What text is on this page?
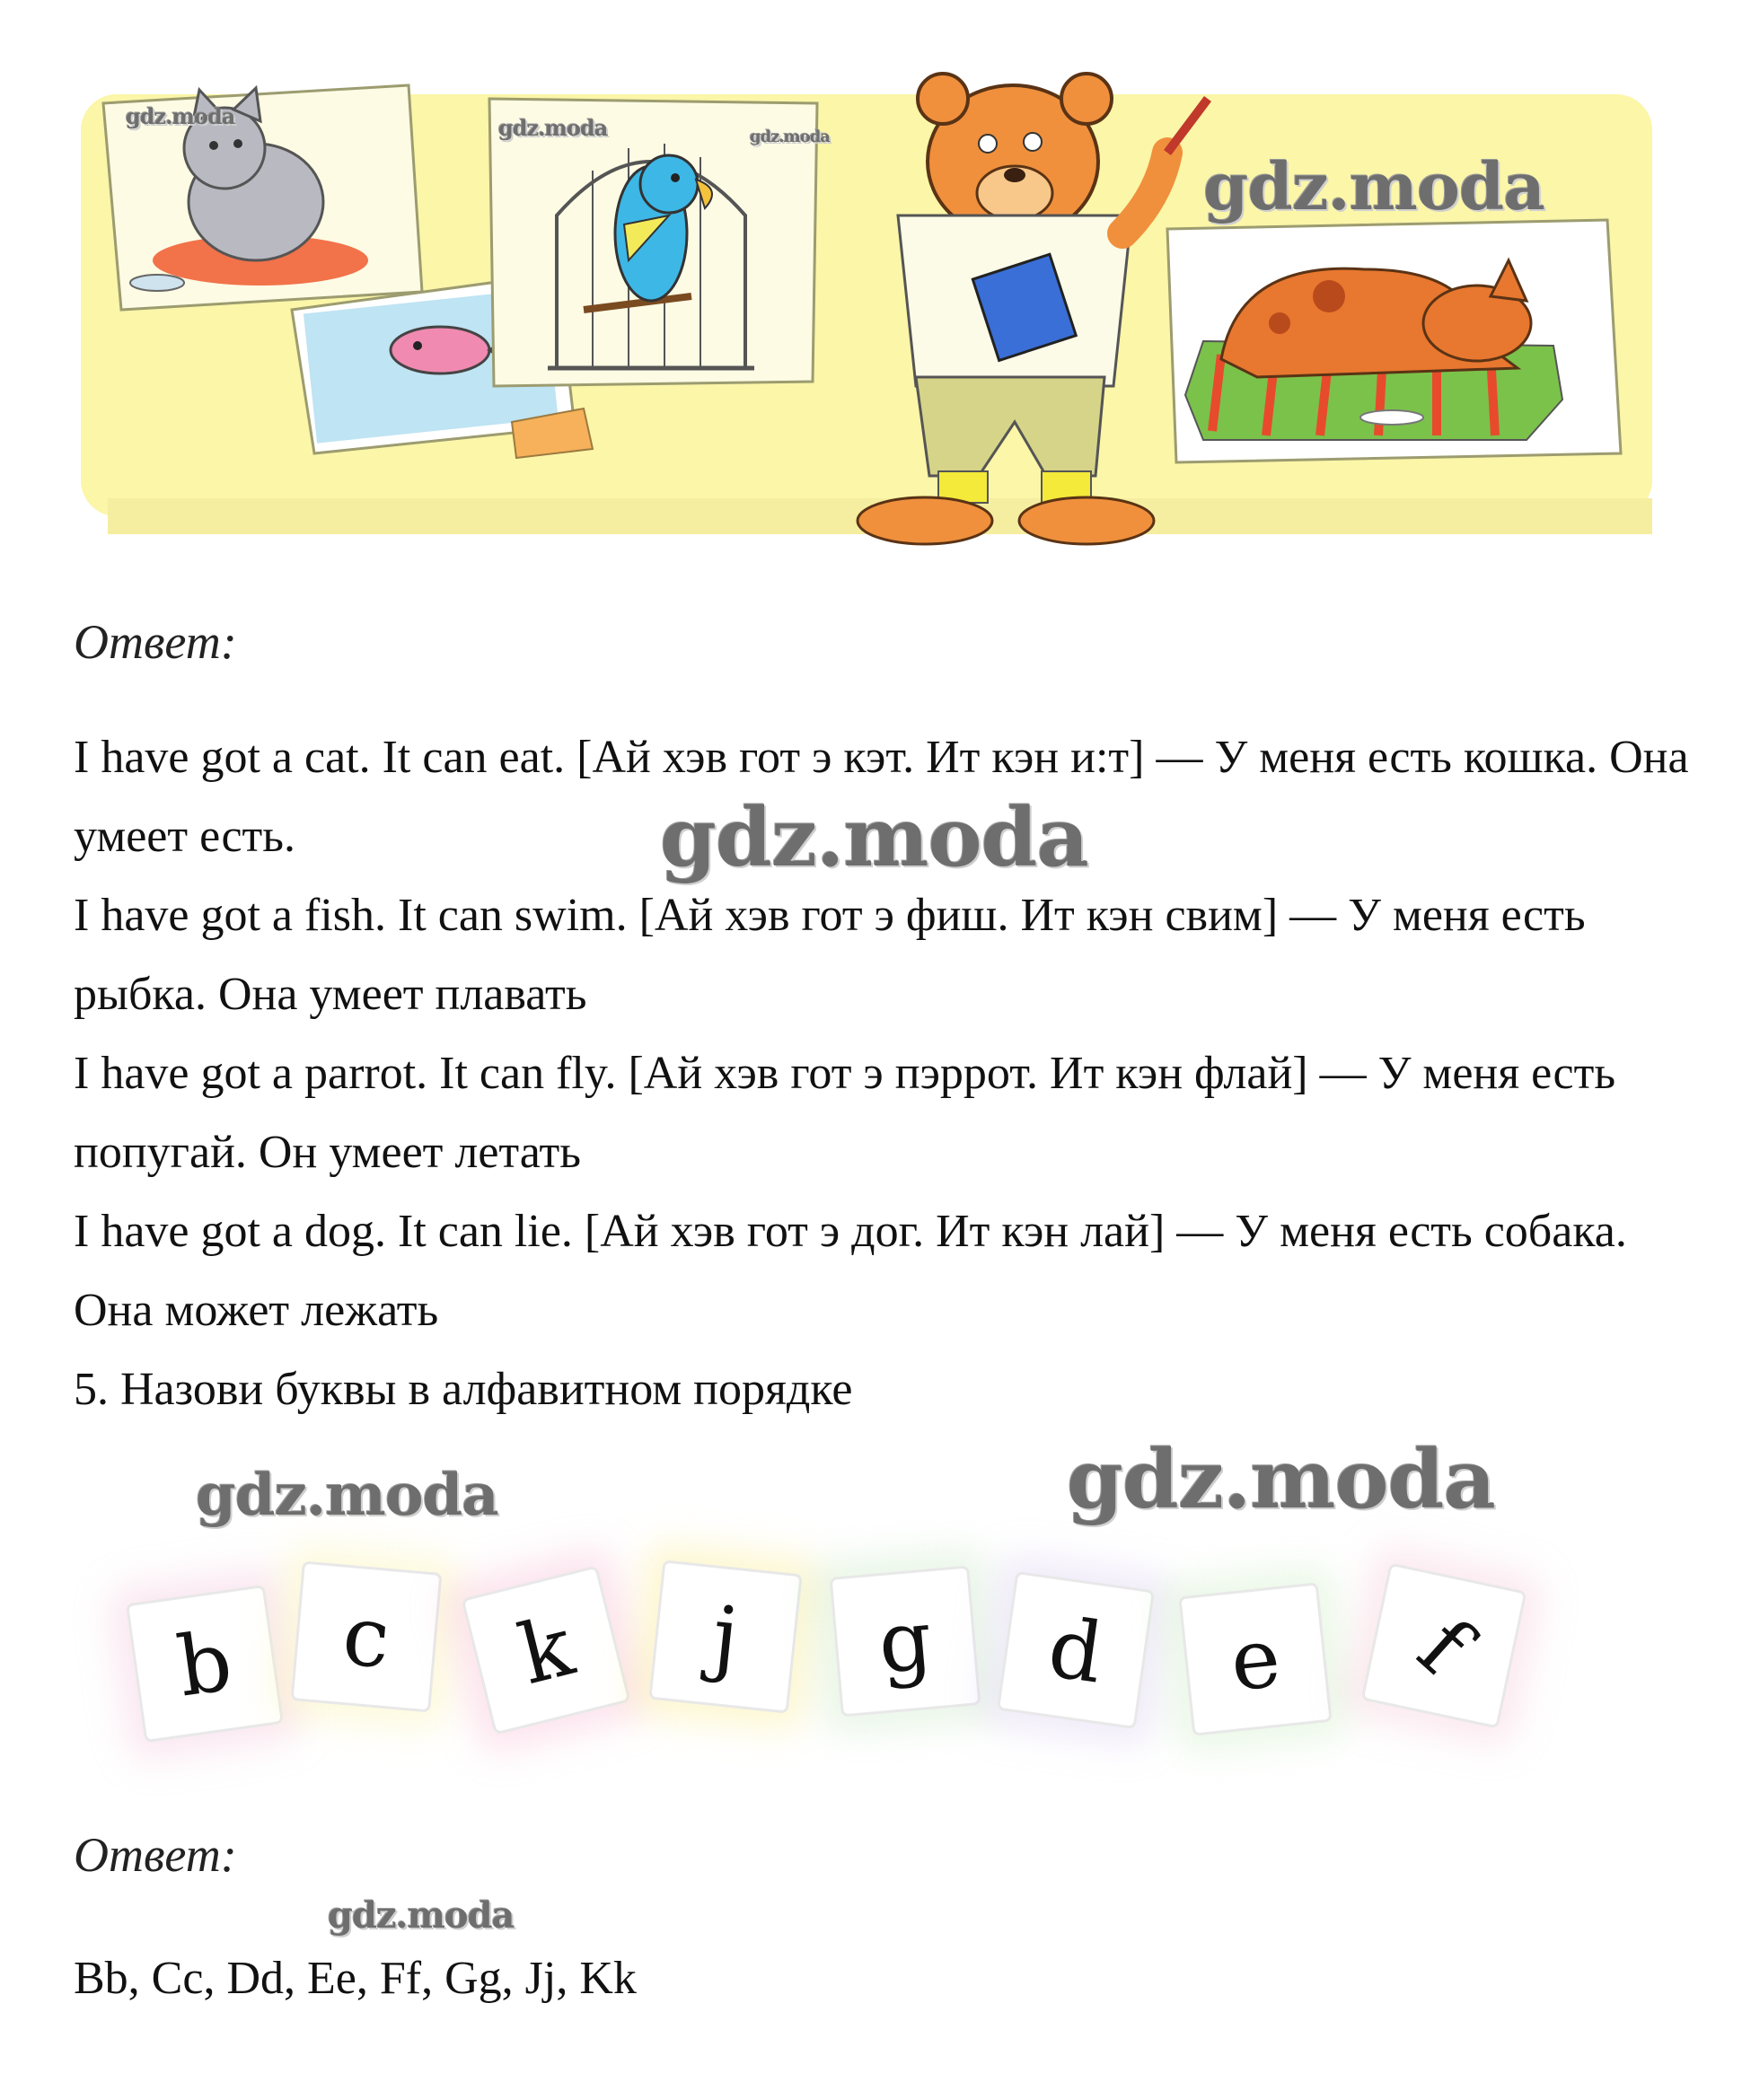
gdz.moda	gdz.moda	gdz.moda
gdz.moda
gdz.moda
gdz.moda	gdz.moda
gdz.moda
Ответ:

I have got a cat. It can eat. [Ай хэв гот э кэт. Ит кэн и:т] — У меня есть кошка. Она умеет есть.

I have got a fish. It can swim. [Ай хэв гот э фиш. Ит кэн свим] — У меня есть рыбка. Она умеет плавать

I have got a parrot. It can fly. [Ай хэв гот э пэррот. Ит кэн флай] — У меня есть попугай. Он умеет летать

I have got a dog. It can lie. [Ай хэв гот э дог. Ит кэн лай] — У меня есть собака. Она может лежать

5. Назови буквы в алфавитном порядке

b c k j g d e f
Ответ:
Bb, Cc, Dd, Ee, Ff, Gg, Jj, Kk
